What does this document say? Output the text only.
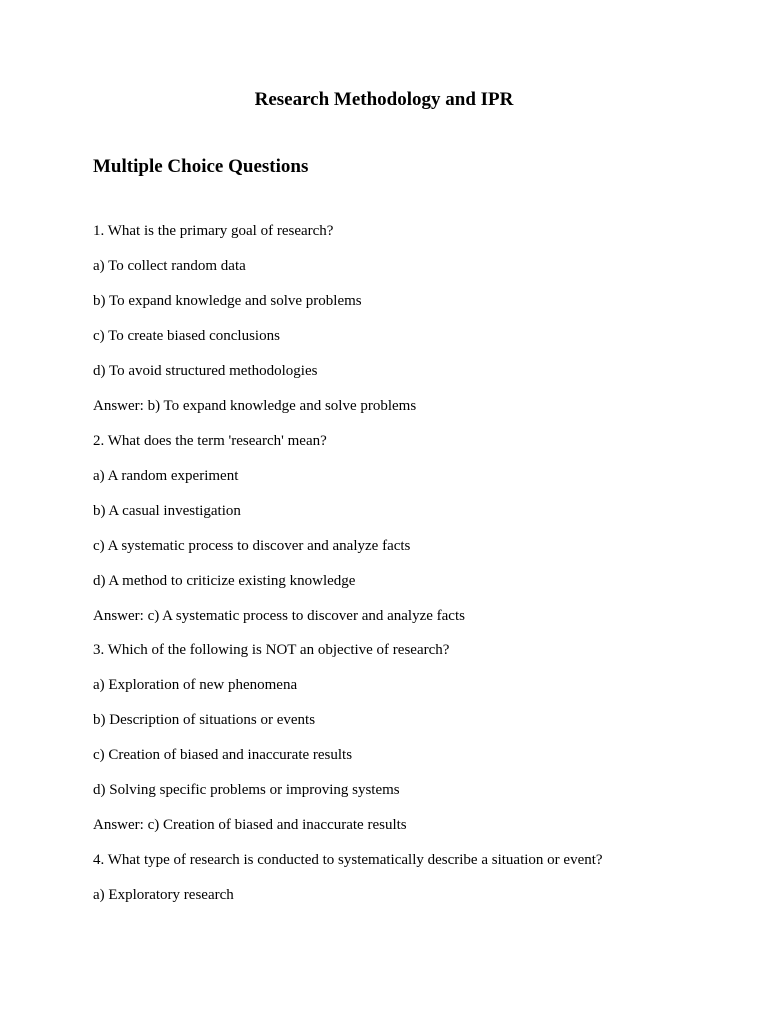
Research Methodology and IPR
Multiple Choice Questions
1. What is the primary goal of research?
a) To collect random data
b) To expand knowledge and solve problems
c) To create biased conclusions
d) To avoid structured methodologies
Answer: b) To expand knowledge and solve problems
2. What does the term 'research' mean?
a) A random experiment
b) A casual investigation
c) A systematic process to discover and analyze facts
d) A method to criticize existing knowledge
Answer: c) A systematic process to discover and analyze facts
3. Which of the following is NOT an objective of research?
a) Exploration of new phenomena
b) Description of situations or events
c) Creation of biased and inaccurate results
d) Solving specific problems or improving systems
Answer: c) Creation of biased and inaccurate results
4. What type of research is conducted to systematically describe a situation or event?
a) Exploratory research
